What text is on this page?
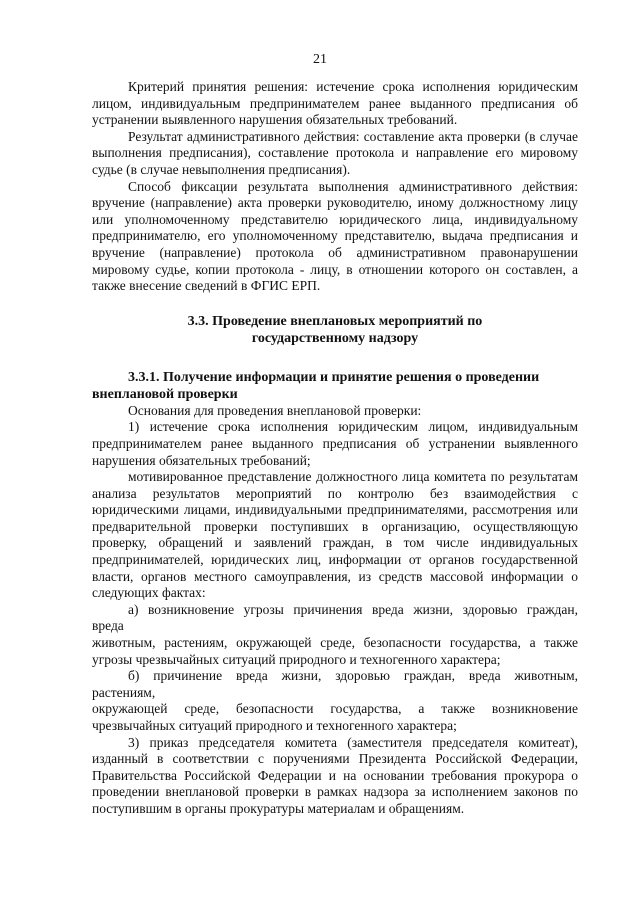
21

Критерий принятия решения: истечение срока исполнения юридическим лицом, индивидуальным предпринимателем ранее выданного предписания об устранении выявленного нарушения обязательных требований.

Результат административного действия: составление акта проверки (в случае выполнения предписания), составление протокола и направление его мировому судье (в случае невыполнения предписания).

Способ фиксации результата выполнения административного действия: вручение (направление) акта проверки руководителю, иному должностному лицу или уполномоченному представителю юридического лица, индивидуальному предпринимателю, его уполномоченному представителю, выдача предписания и вручение (направление) протокола об административном правонарушении мировому судье, копии протокола - лицу, в отношении которого он составлен, а также внесение сведений в ФГИС ЕРП.

3.3. Проведение внеплановых мероприятий по
государственному надзору
3.3.1. Получение информации и принятие решения о проведении
внеплановой проверки

Основания для проведения внеплановой проверки:

1) истечение срока исполнения юридическим лицом, индивидуальным предпринимателем ранее выданного предписания об устранении выявленного нарушения обязательных требований;

мотивированное представление должностного лица комитета по результатам анализа результатов мероприятий по контролю без взаимодействия с юридическими лицами, индивидуальными предпринимателями, рассмотрения или предварительной проверки поступивших в организацию, осуществляющую проверку, обращений и заявлений граждан, в том числе индивидуальных предпринимателей, юридических лиц, информации от органов государственной власти, органов местного самоуправления, из средств массовой информации о следующих фактах:

а) возникновение угрозы причинения вреда жизни, здоровью граждан,

вреда

животным, растениям, окружающей среде, безопасности государства, а также угрозы чрезвычайных ситуаций природного и техногенного характера;

б) причинение вреда жизни, здоровью граждан, вреда животным,

растениям,

окружающей среде, безопасности государства, а также возникновение

чрезвычайных ситуаций природного и техногенного характера;

3) приказ председателя комитета (заместителя председателя комитеат), изданный в соответствии с поручениями Президента Российской Федерации, Правительства Российской Федерации и на основании требования прокурора о проведении внеплановой проверки в рамках надзора за исполнением законов по поступившим в органы прокуратуры материалам и обращениям.
